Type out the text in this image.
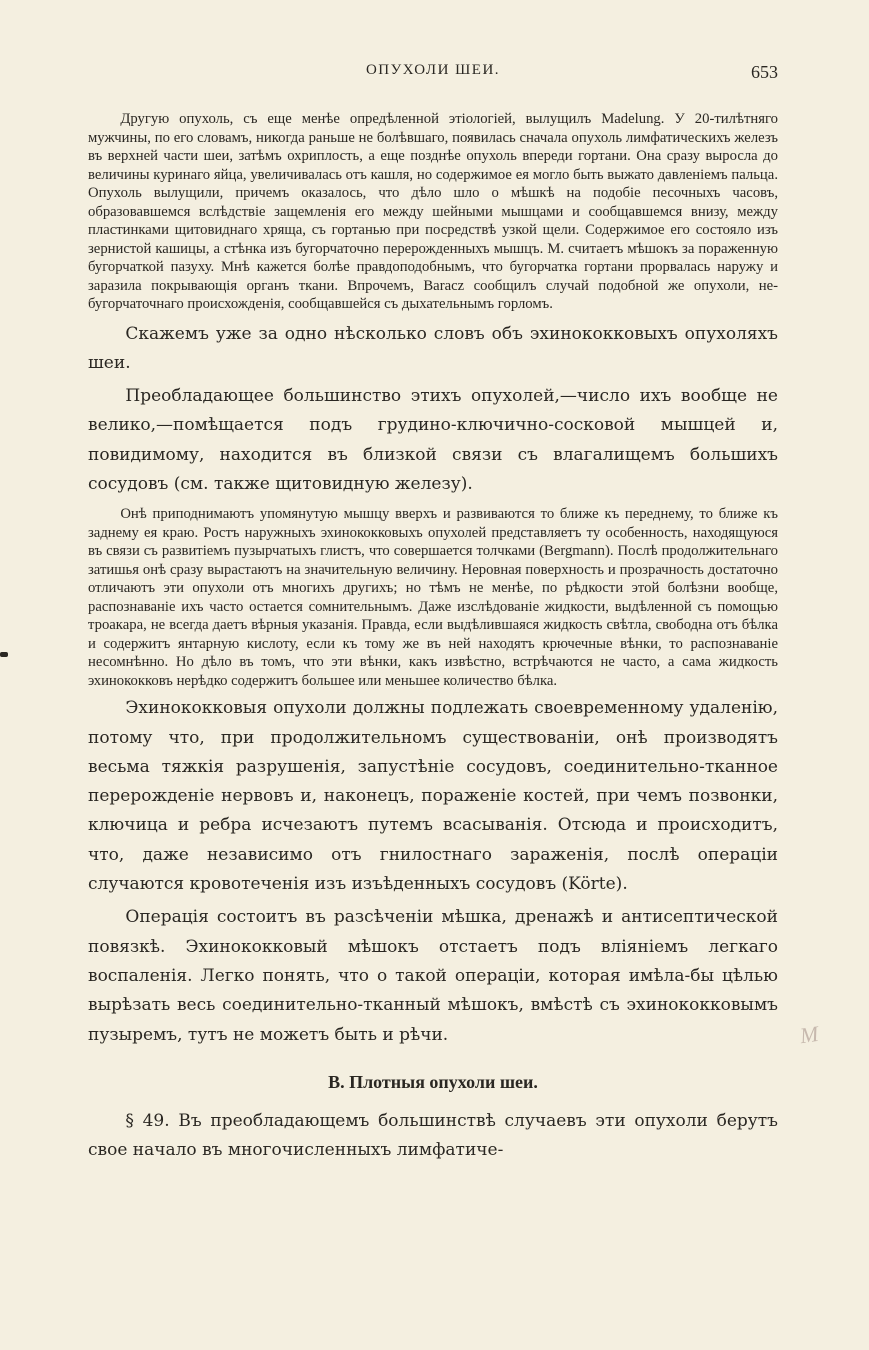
ОПУХОЛИ ШЕИ.	653

Другую опухоль, съ еще менѣе опредѣленной этіологіей, вылущилъ Madelung. У 20-тилѣтняго мужчины, по его словамъ, никогда раньше не болѣвшаго, появилась сначала опухоль лимфатическихъ железъ въ верхней части шеи, затѣмъ охриплость, а еще позднѣе опухоль впереди гортани. Она сразу выросла до величины куринаго яйца, увеличивалась отъ кашля, но содержимое ея могло быть выжато давленіемъ пальца. Опухоль вылущили, причемъ оказалось, что дѣло шло о мѣшкѣ на подобіе песочныхъ часовъ, образовавшемся вслѣдствіе защемленія его между шейными мышцами и сообщавшемся внизу, между пластинками щитовиднаго хряща, съ гортанью при посредствѣ узкой щели. Содержимое его состояло изъ зернистой кашицы, а стѣнка изъ бугорчаточно перерожденныхъ мышцъ. M. считаетъ мѣшокъ за пораженную бугорчаткой пазуху. Мнѣ кажется болѣе правдоподобнымъ, что бугорчатка гортани прорвалась наружу и заразила покрывающія органъ ткани. Впрочемъ, Baracz сообщилъ случай подобной же опухоли, не-бугорчаточнаго происхожденія, сообщавшейся съ дыхательнымъ горломъ.

Скажемъ уже за одно нѣсколько словъ объ эхинококковыхъ опухоляхъ шеи.

Преобладающее большинство этихъ опухолей,—число ихъ вообще не велико,—помѣщается подъ грудино-ключично-сосковой мышцей и, повидимому, находится въ близкой связи съ влагалищемъ большихъ сосудовъ (см. также щитовидную железу).

Онѣ приподнимаютъ упомянутую мышцу вверхъ и развиваются то ближе къ переднему, то ближе къ заднему ея краю. Ростъ наружныхъ эхинококковыхъ опухолей представляетъ ту особенность, находящуюся въ связи съ развитіемъ пузырчатыхъ глистъ, что совершается толчками (Bergmann). Послѣ продолжительнаго затишья онѣ сразу вырастаютъ на значительную величину. Неровная поверхность и прозрачность достаточно отличаютъ эти опухоли отъ многихъ другихъ; но тѣмъ не менѣе, по рѣдкости этой болѣзни вообще, распознаваніе ихъ часто остается сомнительнымъ. Даже изслѣдованіе жидкости, выдѣленной съ помощью троакара, не всегда даетъ вѣрныя указанія. Правда, если выдѣлившаяся жидкость свѣтла, свободна отъ бѣлка и содержитъ янтарную кислоту, если къ тому же въ ней находятъ крючечные вѣнки, то распознаваніе несомнѣнно. Но дѣло въ томъ, что эти вѣнки, какъ извѣстно, встрѣчаются не часто, а сама жидкость эхинококковъ нерѣдко содержитъ большее или меньшее количество бѣлка.

Эхинококковыя опухоли должны подлежать своевременному удаленію, потому что, при продолжительномъ существованіи, онѣ производятъ весьма тяжкія разрушенія, запустѣніе сосудовъ, соединительно-тканное перерожденіе нервовъ и, наконецъ, пораженіе костей, при чемъ позвонки, ключица и ребра исчезаютъ путемъ всасыванія. Отсюда и происходитъ, что, даже независимо отъ гнилостнаго зараженія, послѣ операціи случаются кровотеченія изъ изъѣденныхъ сосудовъ (Körte).

Операція состоитъ въ разсѣченіи мѣшка, дренажѣ и антисептической повязкѣ. Эхинококковый мѣшокъ отстаетъ подъ вліяніемъ легкаго воспаленія. Легко понять, что о такой операціи, которая имѣла-бы цѣлью вырѣзать весь соединительно-тканный мѣшокъ, вмѣстѣ съ эхинококковымъ пузыремъ, тутъ не можетъ быть и рѣчи.

B. Плотныя опухоли шеи.

§ 49. Въ преобладающемъ большинствѣ случаевъ эти опухоли берутъ свое начало въ многочисленныхъ лимфатиче-

M
